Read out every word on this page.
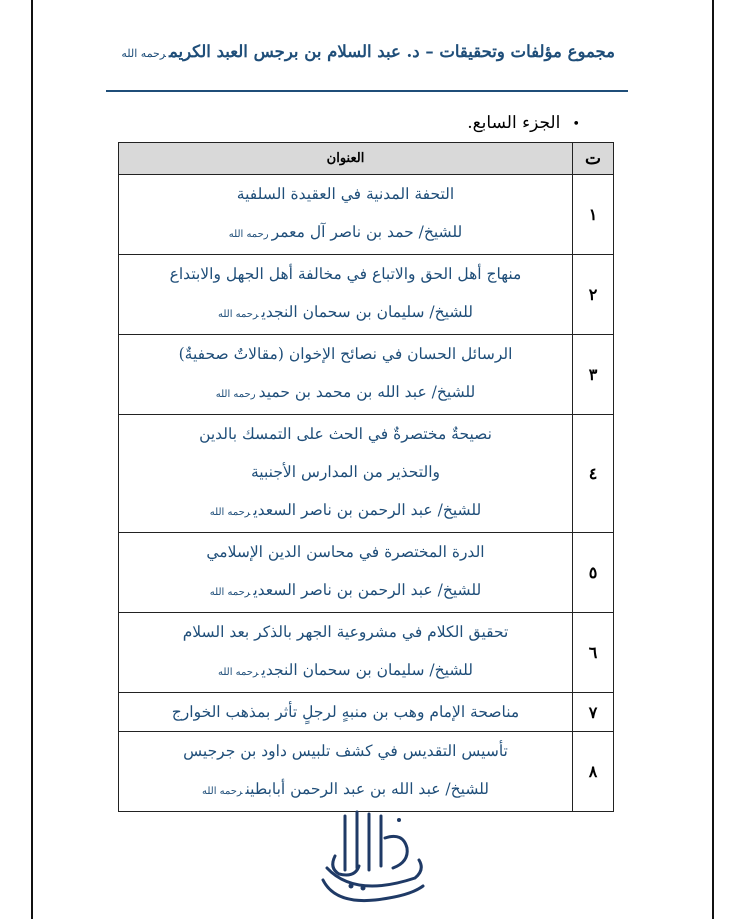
مجموع مؤلفات وتحقيقات – د. عبد السلام بن برجس العبد الكريمرحمه الله
•الجزء السابع.
ت	العنوان
١	التحفة المدنية في العقيدة السلفية
للشيخ/ حمد بن ناصر آل معمررحمه الله

٢	منهاج أهل الحق والاتباع في مخالفة أهل الجهل والابتداع
للشيخ/ سليمان بن سحمان النجديرحمه الله

٣	الرسائل الحسان في نصائح الإخوان (مقالاتٌ صحفيةٌ)
للشيخ/ عبد الله بن محمد بن حميدرحمه الله

٤	نصيحةٌ مختصرةٌ في الحث على التمسك بالدين
والتحذير من المدارس الأجنبية
للشيخ/ عبد الرحمن بن ناصر السعديرحمه الله

٥	الدرة المختصرة في محاسن الدين الإسلامي
للشيخ/ عبد الرحمن بن ناصر السعديرحمه الله

٦	تحقيق الكلام في مشروعية الجهر بالذكر بعد السلام
للشيخ/ سليمان بن سحمان النجديرحمه الله

٧	مناصحة الإمام وهب بن منبهٍ لرجلٍ تأثر بمذهب الخوارج

٨	تأسيس التقديس في كشف تلبيس داود بن جرجيس
للشيخ/ عبد الله بن عبد الرحمن أبابطينرحمه الله
